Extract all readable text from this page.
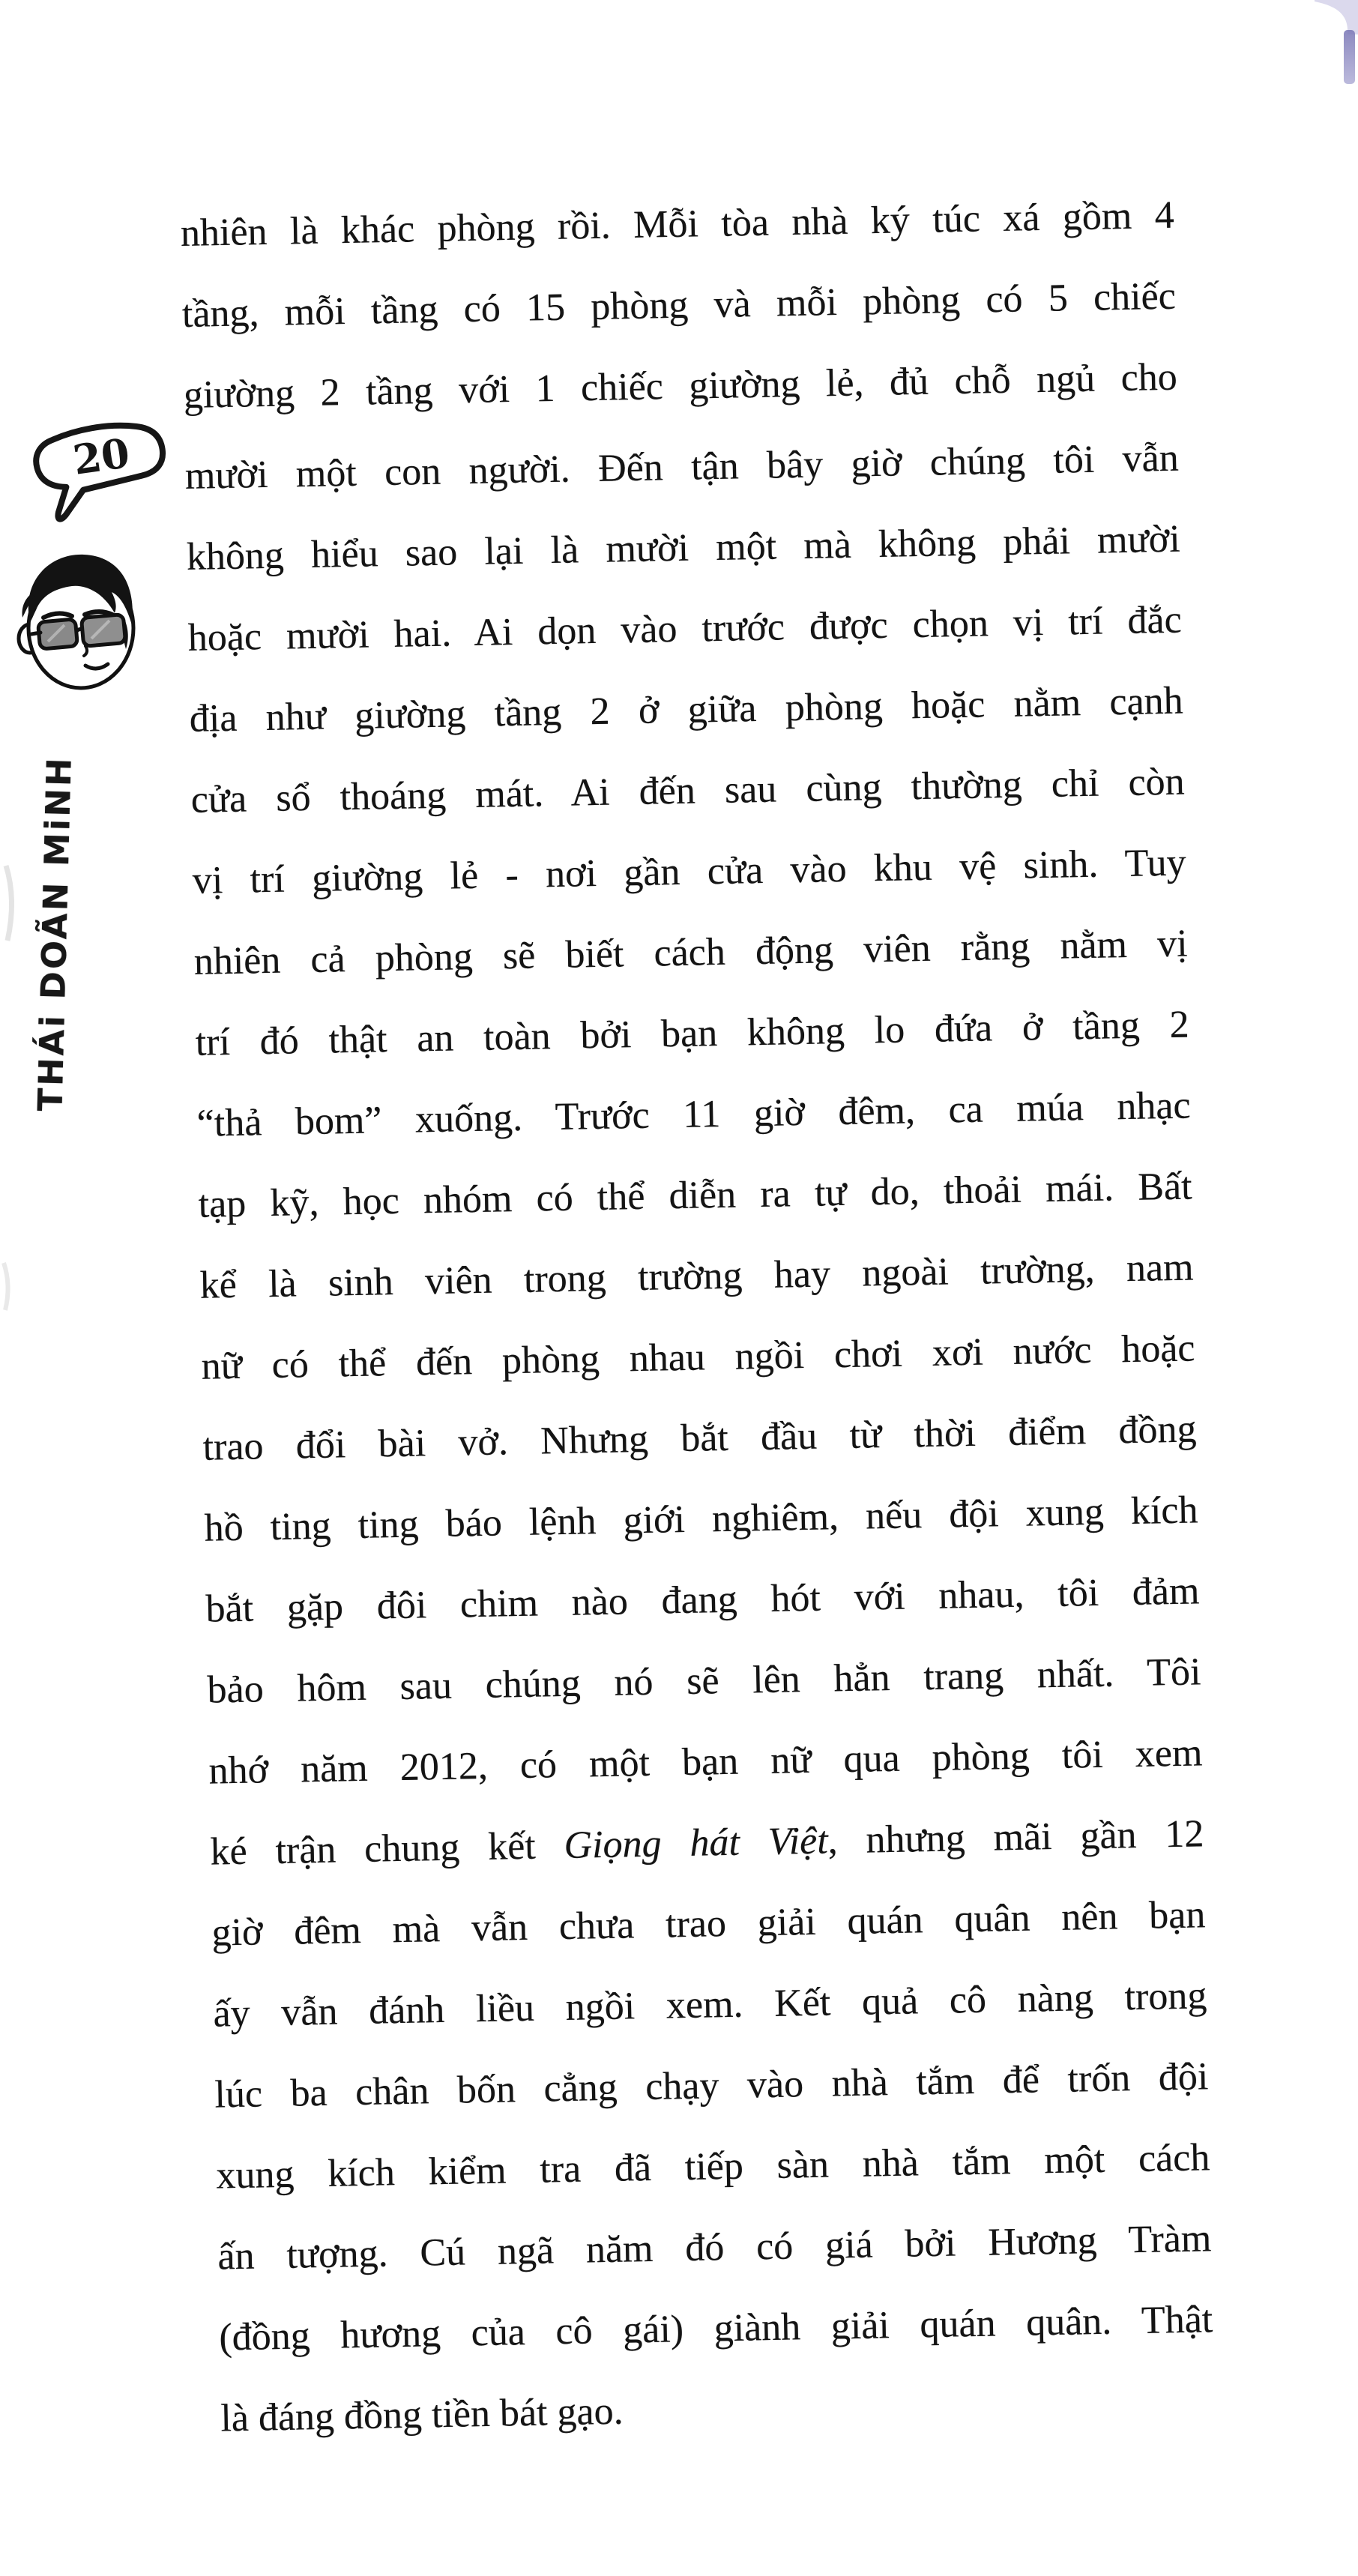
20
THÁi DOÃN MiNH
nhiên là khác phòng rồi. Mỗi tòa nhà ký túc xá gồm 4
tầng, mỗi tầng có 15 phòng và mỗi phòng có 5 chiếc
giường 2 tầng với 1 chiếc giường lẻ, đủ chỗ ngủ cho
mười một con người. Đến tận bây giờ chúng tôi vẫn
không hiểu sao lại là mười một mà không phải mười
hoặc mười hai. Ai dọn vào trước được chọn vị trí đắc
địa như giường tầng 2 ở giữa phòng hoặc nằm cạnh
cửa sổ thoáng mát. Ai đến sau cùng thường chỉ còn
vị trí giường lẻ - nơi gần cửa vào khu vệ sinh. Tuy
nhiên cả phòng sẽ biết cách động viên rằng nằm vị
trí đó thật an toàn bởi bạn không lo đứa ở tầng 2
“thả bom” xuống. Trước 11 giờ đêm, ca múa nhạc
tạp kỹ, học nhóm có thể diễn ra tự do, thoải mái. Bất
kể là sinh viên trong trường hay ngoài trường, nam
nữ có thể đến phòng nhau ngồi chơi xơi nước hoặc
trao đổi bài vở. Nhưng bắt đầu từ thời điểm đồng
hồ ting ting báo lệnh giới nghiêm, nếu đội xung kích
bắt gặp đôi chim nào đang hót với nhau, tôi đảm
bảo hôm sau chúng nó sẽ lên hẳn trang nhất. Tôi
nhớ năm 2012, có một bạn nữ qua phòng tôi xem
ké trận chung kết Giọng hát Việt, nhưng mãi gần 12
giờ đêm mà vẫn chưa trao giải quán quân nên bạn
ấy vẫn đánh liều ngồi xem. Kết quả cô nàng trong
lúc ba chân bốn cẳng chạy vào nhà tắm để trốn đội
xung kích kiểm tra đã tiếp sàn nhà tắm một cách
ấn tượng. Cú ngã năm đó có giá bởi Hương Tràm
(đồng hương của cô gái) giành giải quán quân. Thật
là đáng đồng tiền bát gạo.
